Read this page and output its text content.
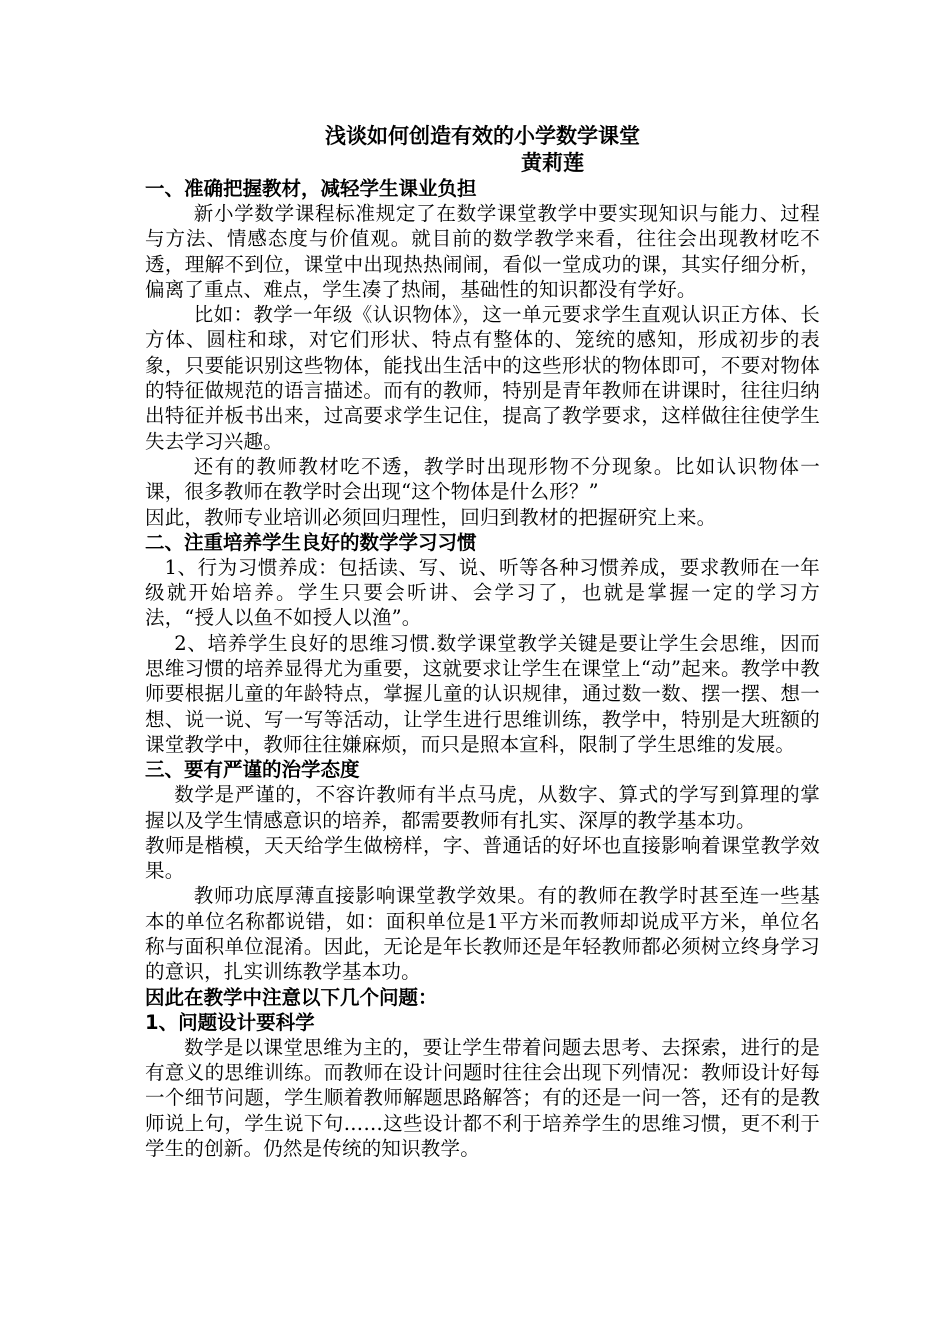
浅谈如何创造有效的小学数学课堂

黄莉莲

一、准确把握教材，减轻学生课业负担

新小学数学课程标准规定了在数学课堂教学中要实现知识与能力、过程与方法、情感态度与价值观。就目前的数学教学来看，往往会出现教材吃不透，理解不到位，课堂中出现热热闹闹，看似一堂成功的课，其实仔细分析，偏离了重点、难点，学生凑了热闹，基础性的知识都没有学好。

比如：教学一年级《认识物体》，这一单元要求学生直观认识正方体、长方体、圆柱和球，对它们形状、特点有整体的、笼统的感知，形成初步的表象，只要能识别这些物体，能找出生活中的这些形状的物体即可，不要对物体的特征做规范的语言描述。而有的教师，特别是青年教师在讲课时，往往归纳出特征并板书出来，过高要求学生记住，提高了教学要求，这样做往往使学生失去学习兴趣。

还有的教师教材吃不透，教学时出现形物不分现象。比如认识物体一课，很多教师在教学时会出现“这个物体是什么形？”

因此，教师专业培训必须回归理性，回归到教材的把握研究上来。

二、注重培养学生良好的数学学习习惯

1、行为习惯养成：包括读、写、说、听等各种习惯养成，要求教师在一年级就开始培养。学生只要会听讲、会学习了，也就是掌握一定的学习方法，“授人以鱼不如授人以渔”。

2、培养学生良好的思维习惯.数学课堂教学关键是要让学生会思维，因而思维习惯的培养显得尤为重要，这就要求让学生在课堂上“动”起来。教学中教师要根据儿童的年龄特点，掌握儿童的认识规律，通过数一数、摆一摆、想一想、说一说、写一写等活动，让学生进行思维训练，教学中，特别是大班额的课堂教学中，教师往往嫌麻烦，而只是照本宣科，限制了学生思维的发展。

三、要有严谨的治学态度

数学是严谨的，不容许教师有半点马虎，从数字、算式的学写到算理的掌握以及学生情感意识的培养，都需要教师有扎实、深厚的教学基本功。

教师是楷模，天天给学生做榜样，字、普通话的好坏也直接影响着课堂教学效果。

教师功底厚薄直接影响课堂教学效果。有的教师在教学时甚至连一些基本的单位名称都说错，如：面积单位是1平方米而教师却说成平方米，单位名称与面积单位混淆。因此，无论是年长教师还是年轻教师都必须树立终身学习的意识，扎实训练教学基本功。

因此在教学中注意以下几个问题：

1、问题设计要科学

数学是以课堂思维为主的，要让学生带着问题去思考、去探索，进行的是有意义的思维训练。而教师在设计问题时往往会出现下列情况：教师设计好每一个细节问题，学生顺着教师解题思路解答；有的还是一问一答，还有的是教师说上句，学生说下句……这些设计都不利于培养学生的思维习惯，更不利于学生的创新。仍然是传统的知识教学。
